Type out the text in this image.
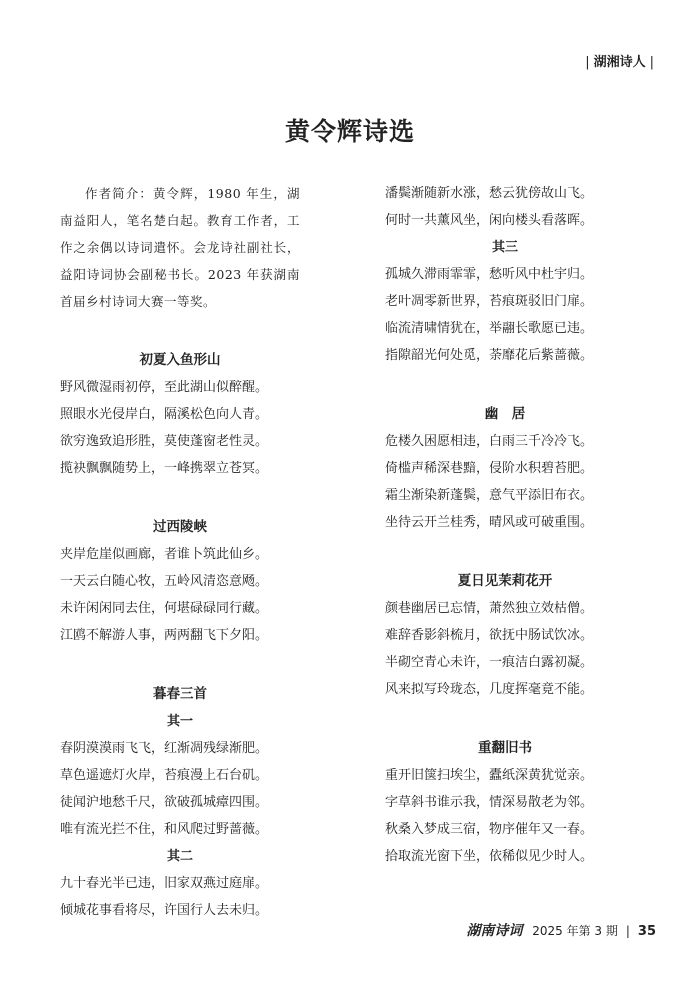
| 湖湘诗人 |
黄令辉诗选

作者简介：黄令辉，1980 年生，湖南益阳人，笔名楚白起。教育工作者，工作之余偶以诗词遣怀。会龙诗社副社长，益阳诗词协会副秘书长。2023 年获湖南首届乡村诗词大赛一等奖。

初夏入鱼形山

野风微湿雨初停，至此湖山似醉醒。

照眼水光侵岸白，隔溪松色向人青。

欲穷逸致追形胜，莫使蓬窗老性灵。

揽袂飘飘随势上，一峰携翠立苍冥。

过西陵峡

夹岸危崖似画廊，者谁卜筑此仙乡。

一天云白随心牧，五岭风清恣意飏。

未许闲闲同去住，何堪碌碌同行藏。

江鸥不解游人事，两两翻飞下夕阳。

暮春三首

其一

春阴漠漠雨飞飞，红渐凋残绿渐肥。

草色遥遮灯火岸，苔痕漫上石台矶。

徒闻沪地愁千尺，欲破孤城瘴四围。

唯有流光拦不住，和风爬过野蔷薇。

其二

九十春光半已违，旧家双燕过庭扉。

倾城花事看将尽，许国行人去未归。

潘鬓渐随新水涨，愁云犹傍故山飞。

何时一共薰风坐，闲向楼头看落晖。

其三

孤城久滞雨霏霏，愁听风中杜宇归。

老叶凋零新世界，苔痕斑驳旧门扉。

临流清啸情犹在，举翮长歌愿已违。

指隙韶光何处觅，荼靡花后紫蔷薇。

幽　居

危楼久困愿相违，白雨三千冷冷飞。

倚槛声稀深巷黯，侵阶水积碧苔肥。

霜尘渐染新蓬鬓，意气平添旧布衣。

坐待云开兰桂秀，晴风或可破重围。

夏日见茉莉花开

颜巷幽居已忘情，萧然独立效枯僧。

难辞香影斜梳月，欲抚中肠试饮冰。

半砌空青心未许，一痕洁白露初凝。

风来拟写玲珑态，几度挥毫竟不能。

重翻旧书

重开旧箧扫埃尘，蠹纸深黄犹觉亲。

字草斜书谁示我，情深易散老为邻。

秋桑入梦成三宿，物序催年又一春。

拾取流光窗下坐，依稀似见少时人。

湖南诗词 2025 年第 3 期 | 35
